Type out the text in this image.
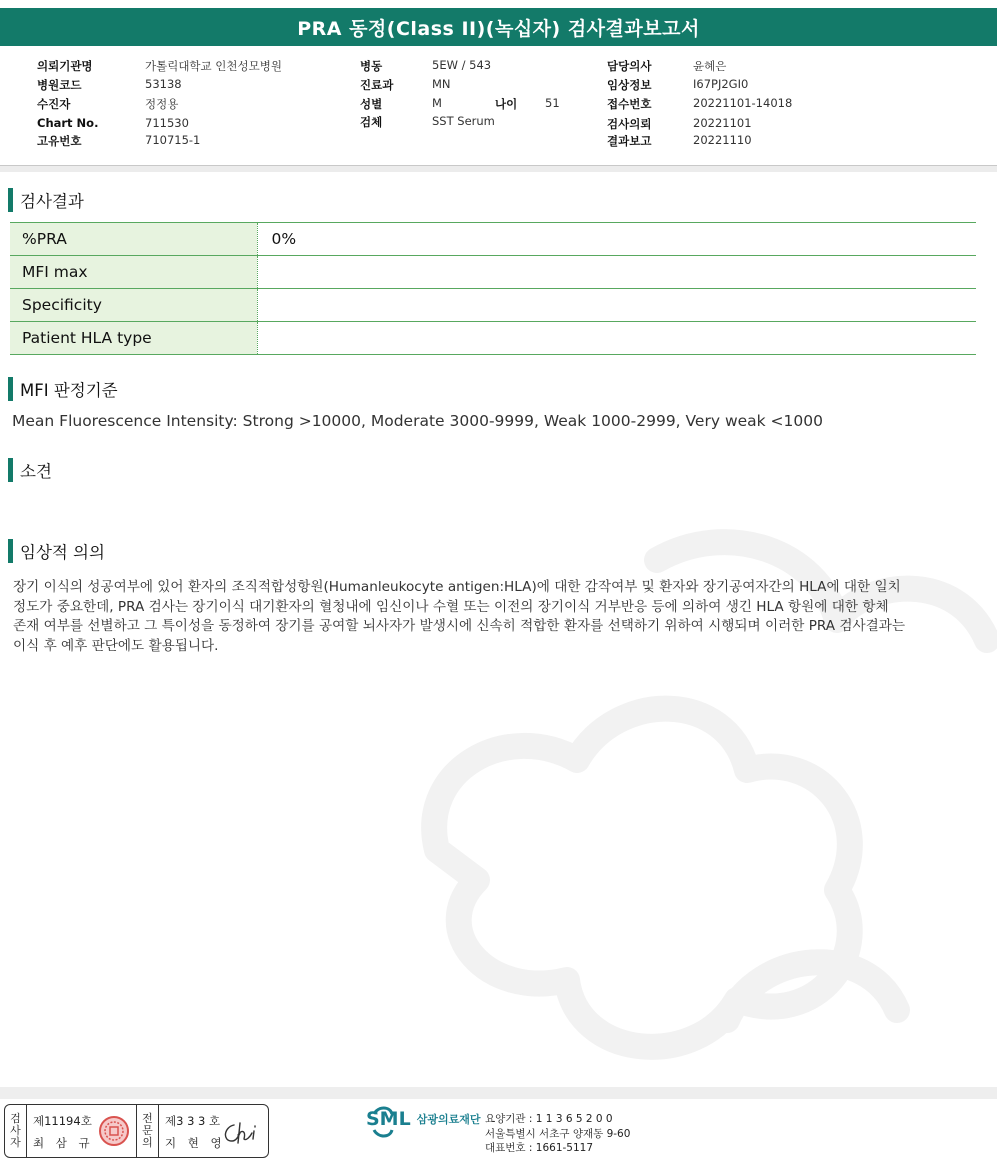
PRA 동정(Class II)(녹십자) 검사결과보고서
의뢰기관명	가톨릭대학교 인천성모병원
병원코드	53138
수진자	정정용
Chart No.	711530
고유번호	710715-1
병동	5EW / 543
진료과	MN
성별	M	나이 51
검체	SST Serum
담당의사	윤혜은
임상정보	I67PJ2GI0
접수번호	20221101-14018
검사의뢰	20221101
결과보고	20221110
검사결과
%PRA	0%
MFI max	
Specificity	
Patient HLA type	
MFI 판정기준
Mean Fluorescence Intensity: Strong >10000, Moderate 3000-9999, Weak 1000-2999, Very weak <1000
소견
임상적 의의
장기 이식의 성공여부에 있어 환자의 조직적합성항원(Humanleukocyte antigen:HLA)에 대한 감작여부 및 환자와 장기공여자간의 HLA에 대한 일치
정도가 중요한데, PRA 검사는 장기이식 대기환자의 혈청내에 임신이나 수혈 또는 이전의 장기이식 거부반응 등에 의하여 생긴 HLA 항원에 대한 항체
존재 여부를 선별하고 그 특이성을 동정하여 장기를 공여할 뇌사자가 발생시에 신속히 적합한 환자를 선택하기 위하여 시행되며 이러한 PRA 검사결과는
이식 후 예후 판단에도 활용됩니다.
검
사
자
제11194호
최 삼 규
전
문
의
제3 3 3 호
지 현 영
SML 삼광의료재단 요양기관 : 1 1 3 6 5 2 0 0
서울특별시 서초구 양재동 9-60
대표번호 : 1661-5117
